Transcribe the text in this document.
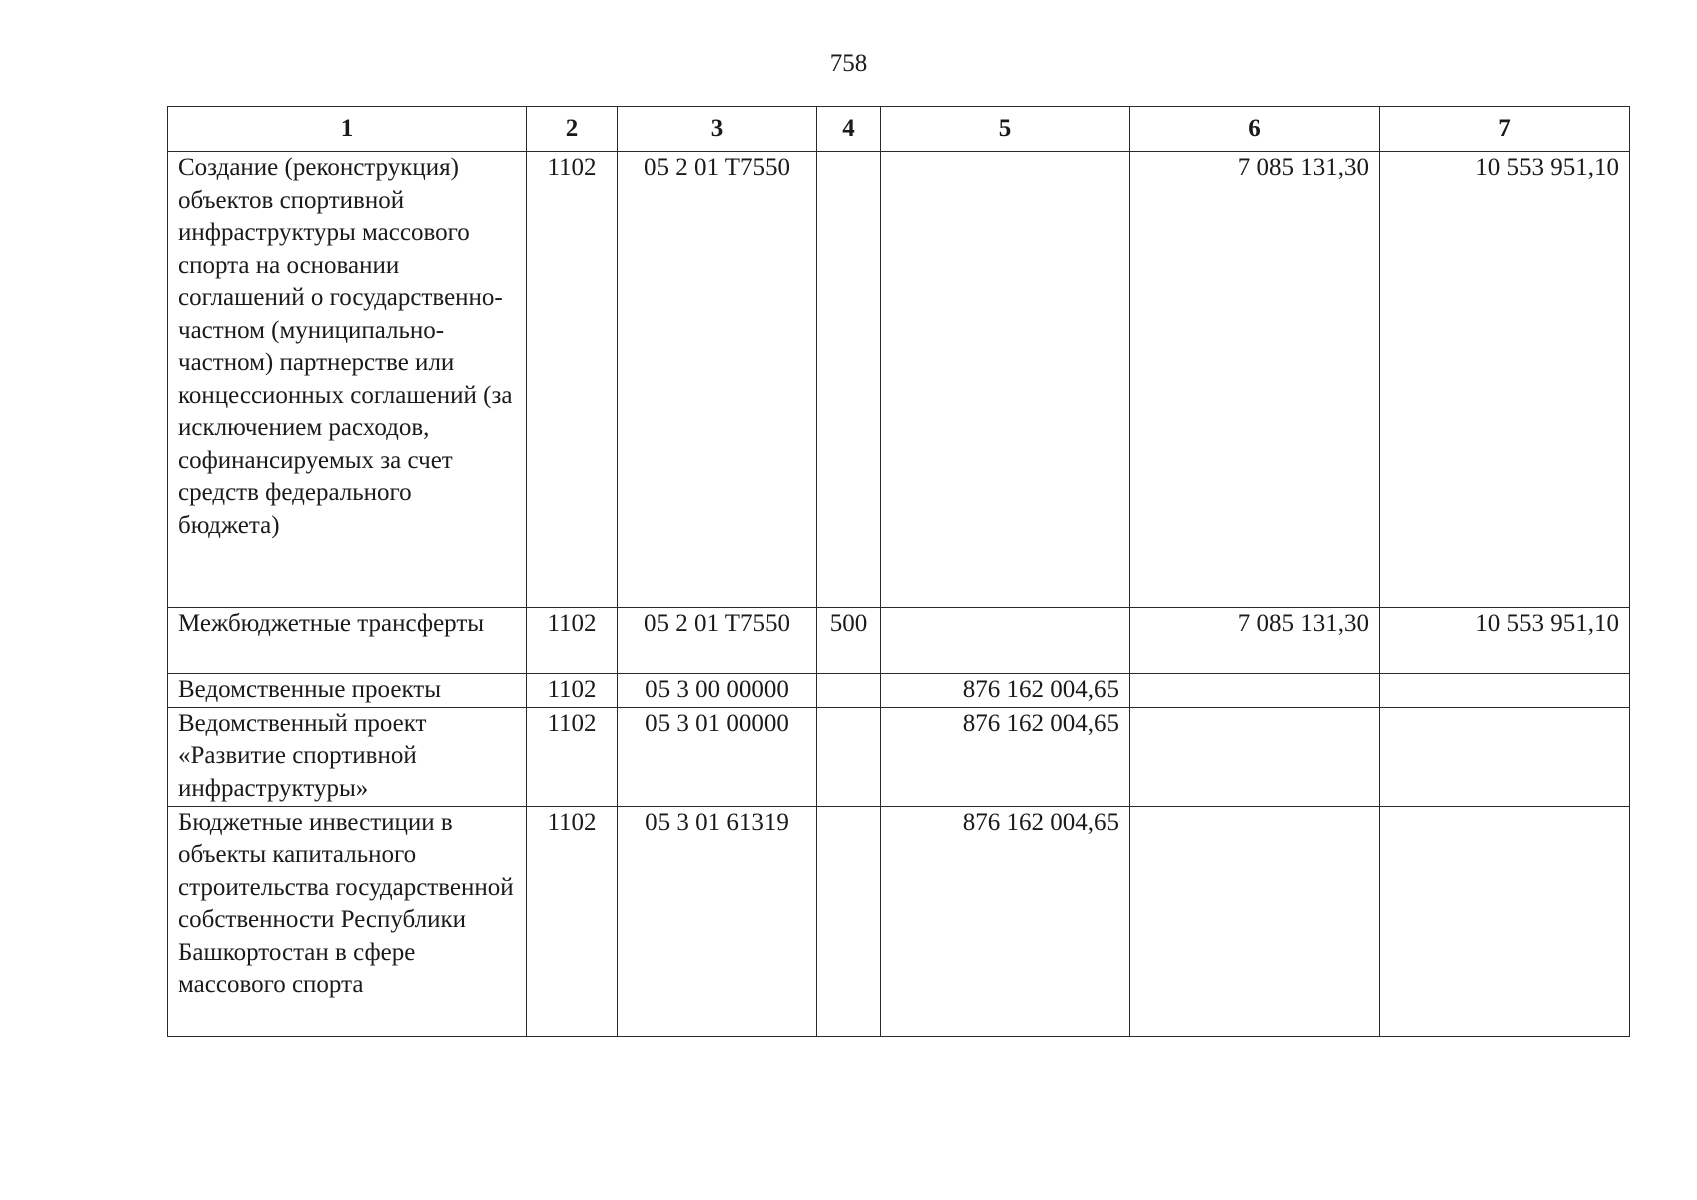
758
1	2	3	4	5	6	7
Создание (реконструкция) объектов спортивной инфраструктуры массового спорта на основании соглашений о государственно-частном (муниципально-частном) партнерстве или концессионных соглашений (за исключением расходов, софинансируемых за счет средств федерального бюджета)	1102	05 2 01 T7550			7 085 131,30	10 553 951,10
Межбюджетные трансферты	1102	05 2 01 T7550	500		7 085 131,30	10 553 951,10
Ведомственные проекты	1102	05 3 00 00000		876 162 004,65		
Ведомственный проект «Развитие спортивной инфраструктуры»	1102	05 3 01 00000		876 162 004,65		
Бюджетные инвестиции в объекты капитального строительства государственной собственности Республики Башкортостан в сфере массового спорта	1102	05 3 01 61319		876 162 004,65		
